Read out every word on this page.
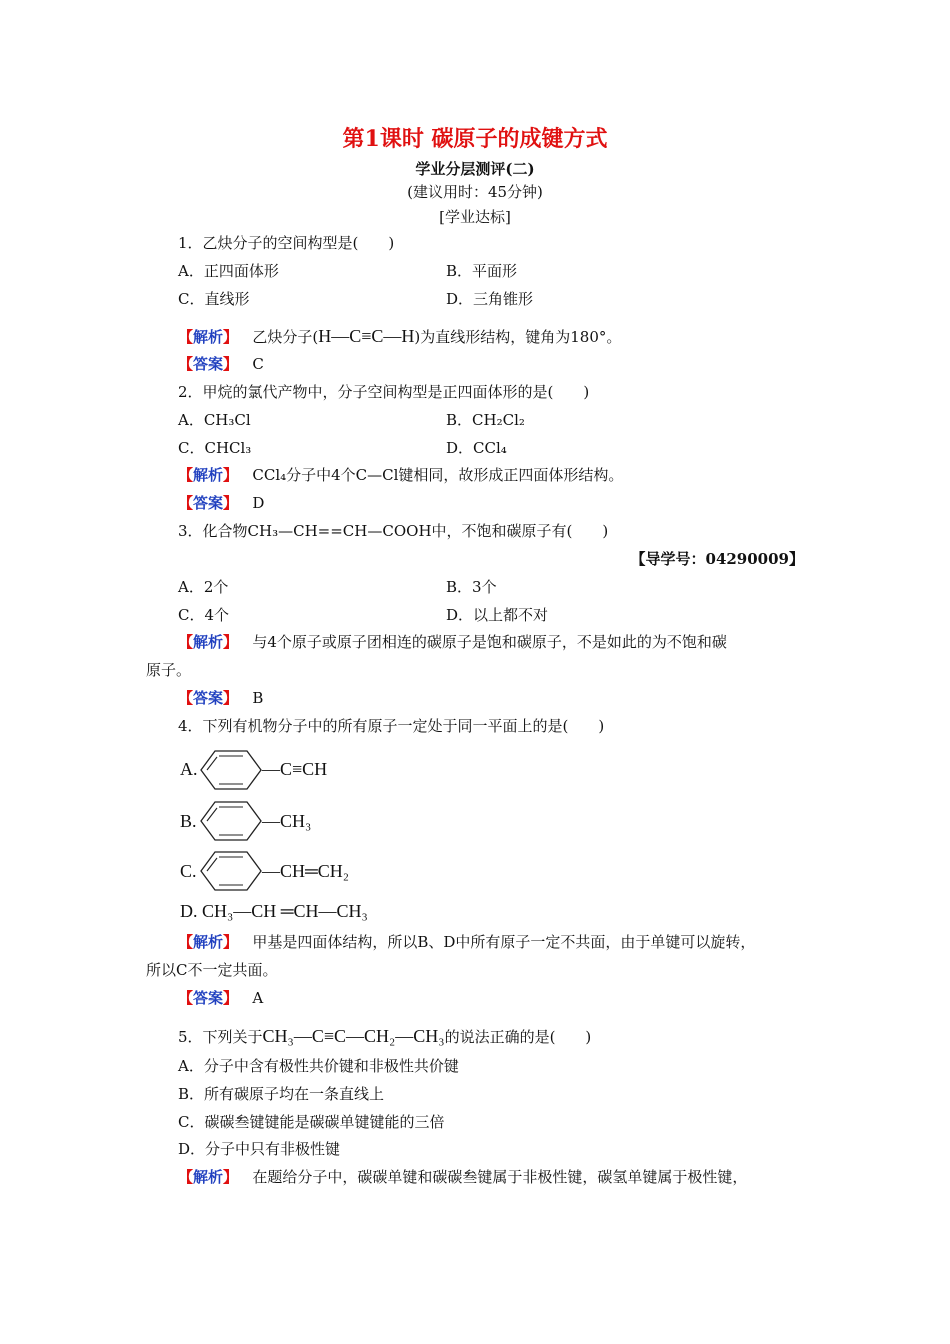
第1课时 碳原子的成键方式
学业分层测评(二)
(建议用时：45分钟)
[学业达标]
1．乙炔分子的空间构型是(　　)
A．正四面体形	B．平面形
C．直线形	D．三角锥形
【解析】 乙炔分子(H—C≡C—H)为直线形结构，键角为180°。
【答案】 C
2．甲烷的氯代产物中，分子空间构型是正四面体形的是(　　)
A．CH₃Cl	B．CH₂Cl₂
C．CHCl₃	D．CCl₄
【解析】 CCl₄分子中4个C—Cl键相同，故形成正四面体形结构。
【答案】 D
3．化合物CH₃—CH==CH—COOH中，不饱和碳原子有(　　)
【导学号：04290009】
A．2个	B．3个
C．4个	D．以上都不对
【解析】 与4个原子或原子团相连的碳原子是饱和碳原子，不是如此的为不饱和碳
原子。
【答案】 B
4．下列有机物分子中的所有原子一定处于同一平面上的是(　　)
A.	—C≡CH
B.	—CH₃
C.	—CH═CH₂
D. CH₃—CH ═CH—CH₃
【解析】 甲基是四面体结构，所以B、D中所有原子一定不共面，由于单键可以旋转，
所以C不一定共面。
【答案】 A
5．下列关于CH₃—C≡C—CH₂—CH₃的说法正确的是(　　)
A．分子中含有极性共价键和非极性共价键
B．所有碳原子均在一条直线上
C．碳碳叁键键能是碳碳单键键能的三倍
D．分子中只有非极性键
【解析】 在题给分子中，碳碳单键和碳碳叁键属于非极性键，碳氢单键属于极性键，
